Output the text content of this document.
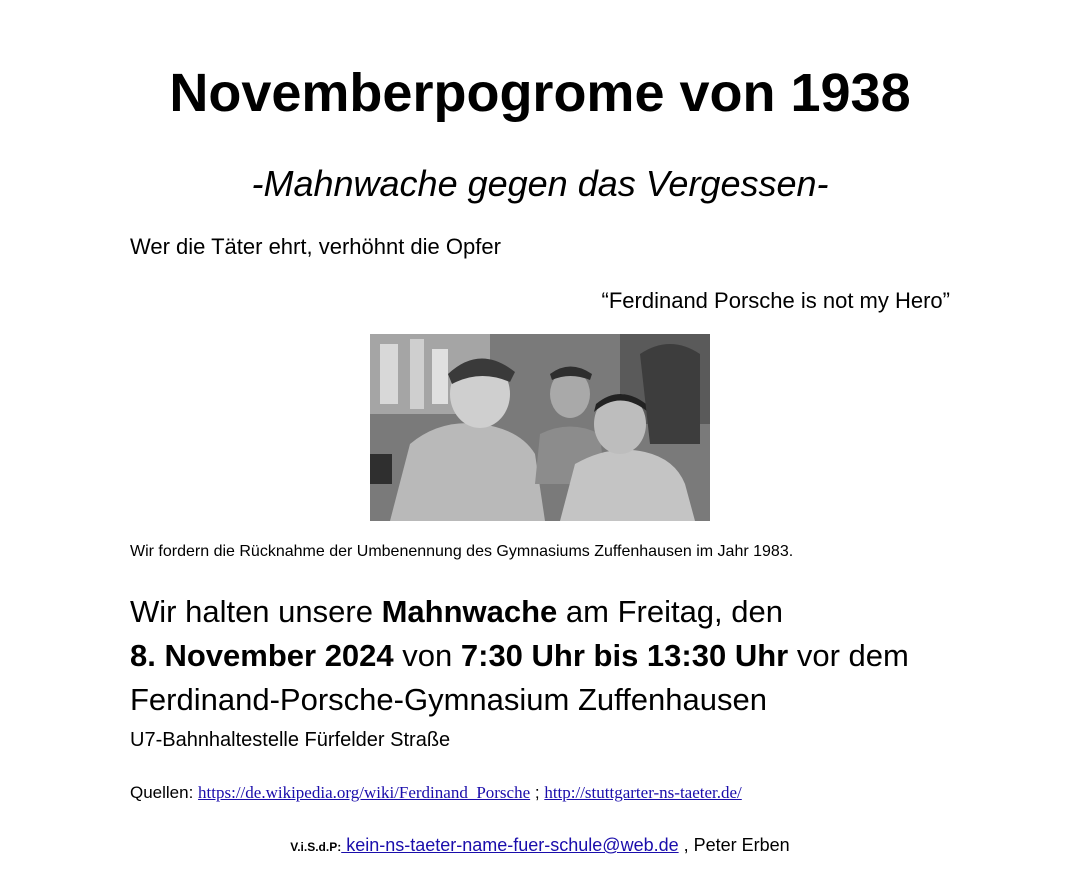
Novemberpogrome von 1938
-Mahnwache gegen das Vergessen-
Wer die Täter ehrt, verhöhnt die Opfer
“Ferdinand Porsche is not my Hero”
Wir fordern die Rücknahme der Umbenennung des Gymnasiums Zuffenhausen im Jahr 1983.
Wir halten unsere Mahnwache am Freitag, den
8. November 2024 von 7:30 Uhr bis 13:30 Uhr vor dem
Ferdinand-Porsche-Gymnasium Zuffenhausen
U7-Bahnhaltestelle Fürfelder Straße
Quellen: https://de.wikipedia.org/wiki/Ferdinand_Porsche ; http://stuttgarter-ns-taeter.de/
V.i.S.d.P: kein-ns-taeter-name-fuer-schule@web.de , Peter Erben
